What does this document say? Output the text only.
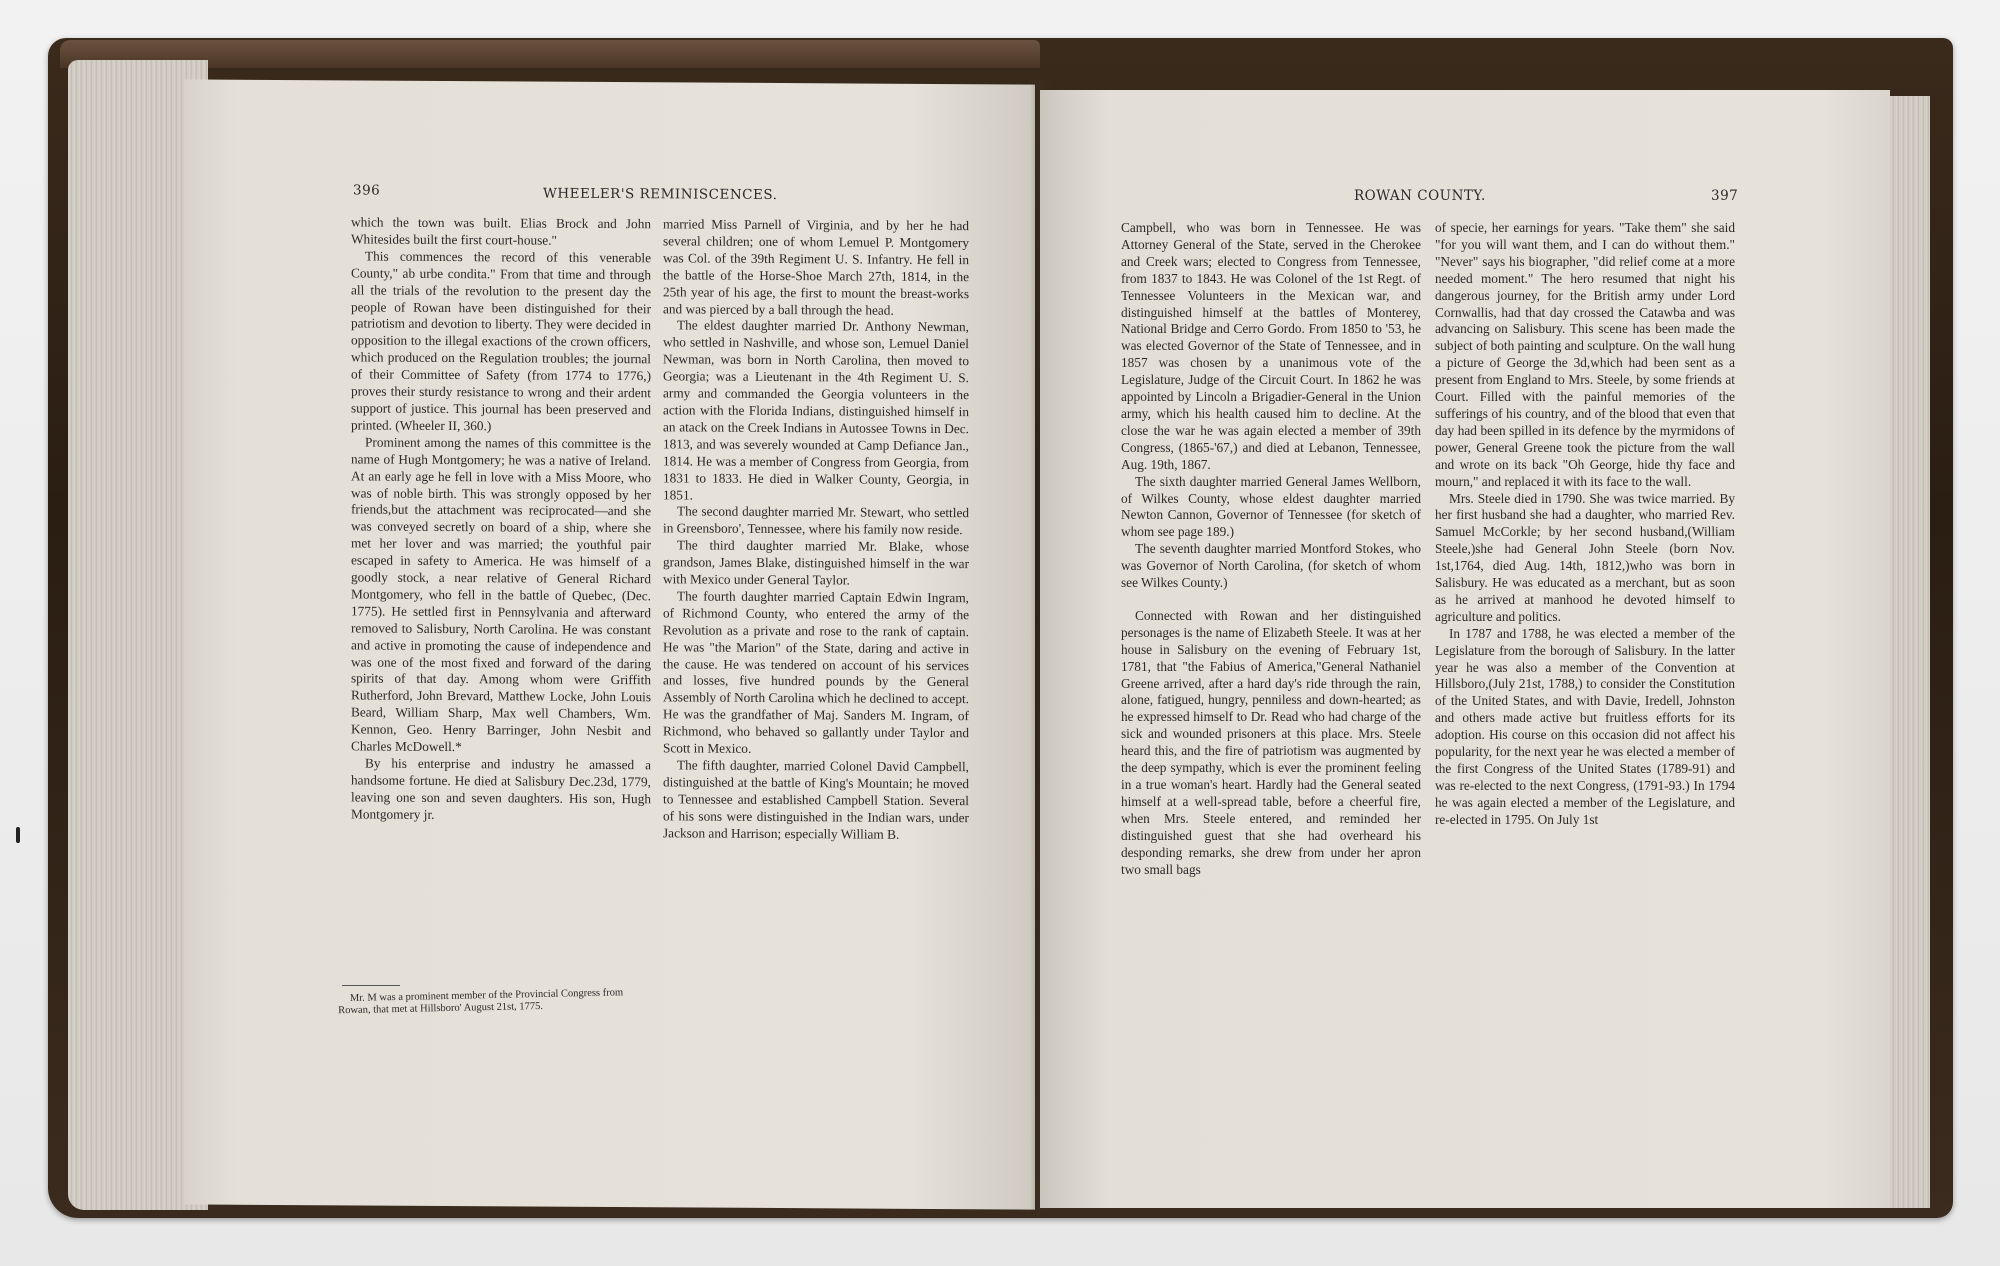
396	WHEELER'S REMINISCENCES.

which the town was built. Elias Brock and John Whitesides built the first court-house."

This commences the record of this venerable County," ab urbe condita." From that time and through all the trials of the revolution to the present day the people of Rowan have been distinguished for their patriotism and devotion to liberty. They were decided in opposition to the illegal exactions of the crown officers, which produced on the Regulation troubles; the journal of their Committee of Safety (from 1774 to 1776,) proves their sturdy resistance to wrong and their ardent support of justice. This journal has been preserved and printed. (Wheeler II, 360.)

Prominent among the names of this committee is the name of Hugh Montgomery; he was a native of Ireland. At an early age he fell in love with a Miss Moore, who was of noble birth. This was strongly opposed by her friends,but the attachment was reciprocated—and she was conveyed secretly on board of a ship, where she met her lover and was married; the youthful pair escaped in safety to America. He was himself of a goodly stock, a near relative of General Richard Montgomery, who fell in the battle of Quebec, (Dec. 1775). He settled first in Pennsylvania and afterward removed to Salisbury, North Carolina. He was constant and active in promoting the cause of independence and was one of the most fixed and forward of the daring spirits of that day. Among whom were Griffith Rutherford, John Brevard, Matthew Locke, John Louis Beard, William Sharp, Max well Chambers, Wm. Kennon, Geo. Henry Barringer, John Nesbit and Charles McDowell.*

By his enterprise and industry he amassed a handsome fortune. He died at Salisbury Dec.23d, 1779, leaving one son and seven daughters. His son, Hugh Montgomery jr.

married Miss Parnell of Virginia, and by her he had several children; one of whom Lemuel P. Montgomery was Col. of the 39th Regiment U. S. Infantry. He fell in the battle of the Horse-Shoe March 27th, 1814, in the 25th year of his age, the first to mount the breast-works and was pierced by a ball through the head.

The eldest daughter married Dr. Anthony Newman, who settled in Nashville, and whose son, Lemuel Daniel Newman, was born in North Carolina, then moved to Georgia; was a Lieutenant in the 4th Regiment U. S. army and commanded the Georgia volunteers in the action with the Florida Indians, distinguished himself in an atack on the Creek Indians in Autossee Towns in Dec. 1813, and was severely wounded at Camp Defiance Jan., 1814. He was a member of Congress from Georgia, from 1831 to 1833. He died in Walker County, Georgia, in 1851.

The second daughter married Mr. Stewart, who settled in Greensboro', Tennessee, where his family now reside.

The third daughter married Mr. Blake, whose grandson, James Blake, distinguished himself in the war with Mexico under General Taylor.

The fourth daughter married Captain Edwin Ingram, of Richmond County, who entered the army of the Revolution as a private and rose to the rank of captain. He was "the Marion" of the State, daring and active in the cause. He was tendered on account of his services and losses, five hundred pounds by the General Assembly of North Carolina which he declined to accept. He was the grandfather of Maj. Sanders M. Ingram, of Richmond, who behaved so gallantly under Taylor and Scott in Mexico.

The fifth daughter, married Colonel David Campbell, distinguished at the battle of King's Mountain; he moved to Tennessee and established Campbell Station. Several of his sons were distinguished in the Indian wars, under Jackson and Harrison; especially William B.

Mr. M was a prominent member of the Provincial Congress from Rowan, that met at Hillsboro' August 21st, 1775.

ROWAN COUNTY.	397

Campbell, who was born in Tennessee. He was Attorney General of the State, served in the Cherokee and Creek wars; elected to Congress from Tennessee, from 1837 to 1843. He was Colonel of the 1st Regt. of Tennessee Volunteers in the Mexican war, and distinguished himself at the battles of Monterey, National Bridge and Cerro Gordo. From 1850 to '53, he was elected Governor of the State of Tennessee, and in 1857 was chosen by a unanimous vote of the Legislature, Judge of the Circuit Court. In 1862 he was appointed by Lincoln a Brigadier-General in the Union army, which his health caused him to decline. At the close the war he was again elected a member of 39th Congress, (1865-'67,) and died at Lebanon, Tennessee, Aug. 19th, 1867.

The sixth daughter married General James Wellborn, of Wilkes County, whose eldest daughter married Newton Cannon, Governor of Tennessee (for sketch of whom see page 189.)

The seventh daughter married Montford Stokes, who was Governor of North Carolina, (for sketch of whom see Wilkes County.)

Connected with Rowan and her distinguished personages is the name of Elizabeth Steele. It was at her house in Salisbury on the evening of February 1st, 1781, that "the Fabius of America,"General Nathaniel Greene arrived, after a hard day's ride through the rain, alone, fatigued, hungry, penniless and down-hearted; as he expressed himself to Dr. Read who had charge of the sick and wounded prisoners at this place. Mrs. Steele heard this, and the fire of patriotism was augmented by the deep sympathy, which is ever the prominent feeling in a true woman's heart. Hardly had the General seated himself at a well-spread table, before a cheerful fire, when Mrs. Steele entered, and reminded her distinguished guest that she had overheard his desponding remarks, she drew from under her apron two small bags

of specie, her earnings for years. "Take them" she said "for you will want them, and I can do without them." "Never" says his biographer, "did relief come at a more needed moment." The hero resumed that night his dangerous journey, for the British army under Lord Cornwallis, had that day crossed the Catawba and was advancing on Salisbury. This scene has been made the subject of both painting and sculpture. On the wall hung a picture of George the 3d,which had been sent as a present from England to Mrs. Steele, by some friends at Court. Filled with the painful memories of the sufferings of his country, and of the blood that even that day had been spilled in its defence by the myrmidons of power, General Greene took the picture from the wall and wrote on its back "Oh George, hide thy face and mourn," and replaced it with its face to the wall.

Mrs. Steele died in 1790. She was twice married. By her first husband she had a daughter, who married Rev. Samuel McCorkle; by her second husband,(William Steele,)she had General John Steele (born Nov. 1st,1764, died Aug. 14th, 1812,)who was born in Salisbury. He was educated as a merchant, but as soon as he arrived at manhood he devoted himself to agriculture and politics.

In 1787 and 1788, he was elected a member of the Legislature from the borough of Salisbury. In the latter year he was also a member of the Convention at Hillsboro,(July 21st, 1788,) to consider the Constitution of the United States, and with Davie, Iredell, Johnston and others made active but fruitless efforts for its adoption. His course on this occasion did not affect his popularity, for the next year he was elected a member of the first Congress of the United States (1789-91) and was re-elected to the next Congress, (1791-93.) In 1794 he was again elected a member of the Legislature, and re-elected in 1795. On July 1st
